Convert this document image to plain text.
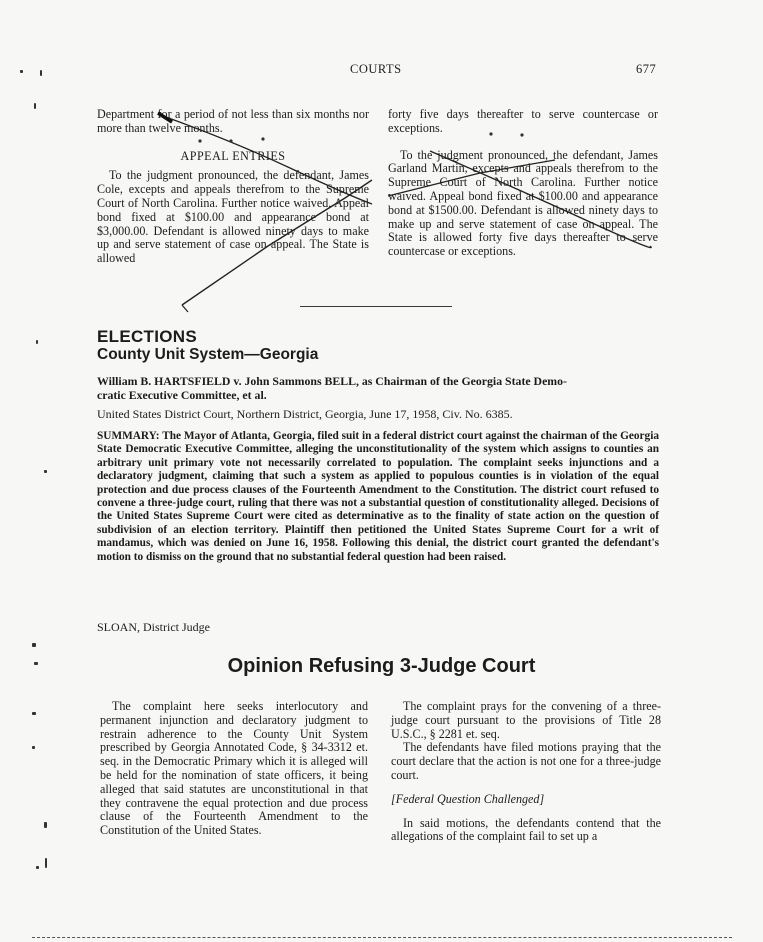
COURTS	677

Department for a period of not less than six months nor more than twelve months.

APPEAL ENTRIES

To the judgment pronounced, the defendant, James Cole, excepts and appeals therefrom to the Supreme Court of North Carolina. Further notice waived. Appeal bond fixed at $100.00 and appearance bond at $3,000.00. Defendant is allowed ninety days to make up and serve statement of case on appeal. The State is allowed

forty five days thereafter to serve countercase or exceptions.

To the judgment pronounced, the defendant, James Garland Martin, excepts and appeals therefrom to the Supreme Court of North Carolina. Further notice waived. Appeal bond fixed at $100.00 and appearance bond at $1500.00. Defendant is allowed ninety days to make up and serve statement of case on appeal. The State is allowed forty five days thereafter to serve countercase or exceptions.

ELECTIONS
County Unit System—Georgia
William B. HARTSFIELD v. John Sammons BELL, as Chairman of the Georgia State Demo-
cratic Executive Committee, et al.
United States District Court, Northern District, Georgia, June 17, 1958, Civ. No. 6385.

SUMMARY: The Mayor of Atlanta, Georgia, filed suit in a federal district court against the chairman of the Georgia State Democratic Executive Committee, alleging the unconstitutionality of the system which assigns to counties an arbitrary unit primary vote not necessarily correlated to population. The complaint seeks injunctions and a declaratory judgment, claiming that such a system as applied to populous counties is in violation of the equal protection and due process clauses of the Fourteenth Amendment to the Constitution. The district court refused to convene a three-judge court, ruling that there was not a substantial question of constitutionality alleged. Decisions of the United States Supreme Court were cited as determinative as to the finality of state action on the question of subdivision of an election territory. Plaintiff then petitioned the United States Supreme Court for a writ of mandamus, which was denied on June 16, 1958. Following this denial, the district court granted the defendant's motion to dismiss on the ground that no substantial federal question had been raised.

SLOAN, District Judge
Opinion Refusing 3-Judge Court

The complaint here seeks interlocutory and permanent injunction and declaratory judgment to restrain adherence to the County Unit System prescribed by Georgia Annotated Code, § 34-3312 et. seq. in the Democratic Primary which it is alleged will be held for the nomination of state officers, it being alleged that said statutes are unconstitutional in that they contravene the equal protection and due process clause of the Fourteenth Amendment to the Constitution of the United States.

The complaint prays for the convening of a three-judge court pursuant to the provisions of Title 28 U.S.C., § 2281 et. seq.

The defendants have filed motions praying that the court declare that the action is not one for a three-judge court.

[Federal Question Challenged]

In said motions, the defendants contend that the allegations of the complaint fail to set up a
